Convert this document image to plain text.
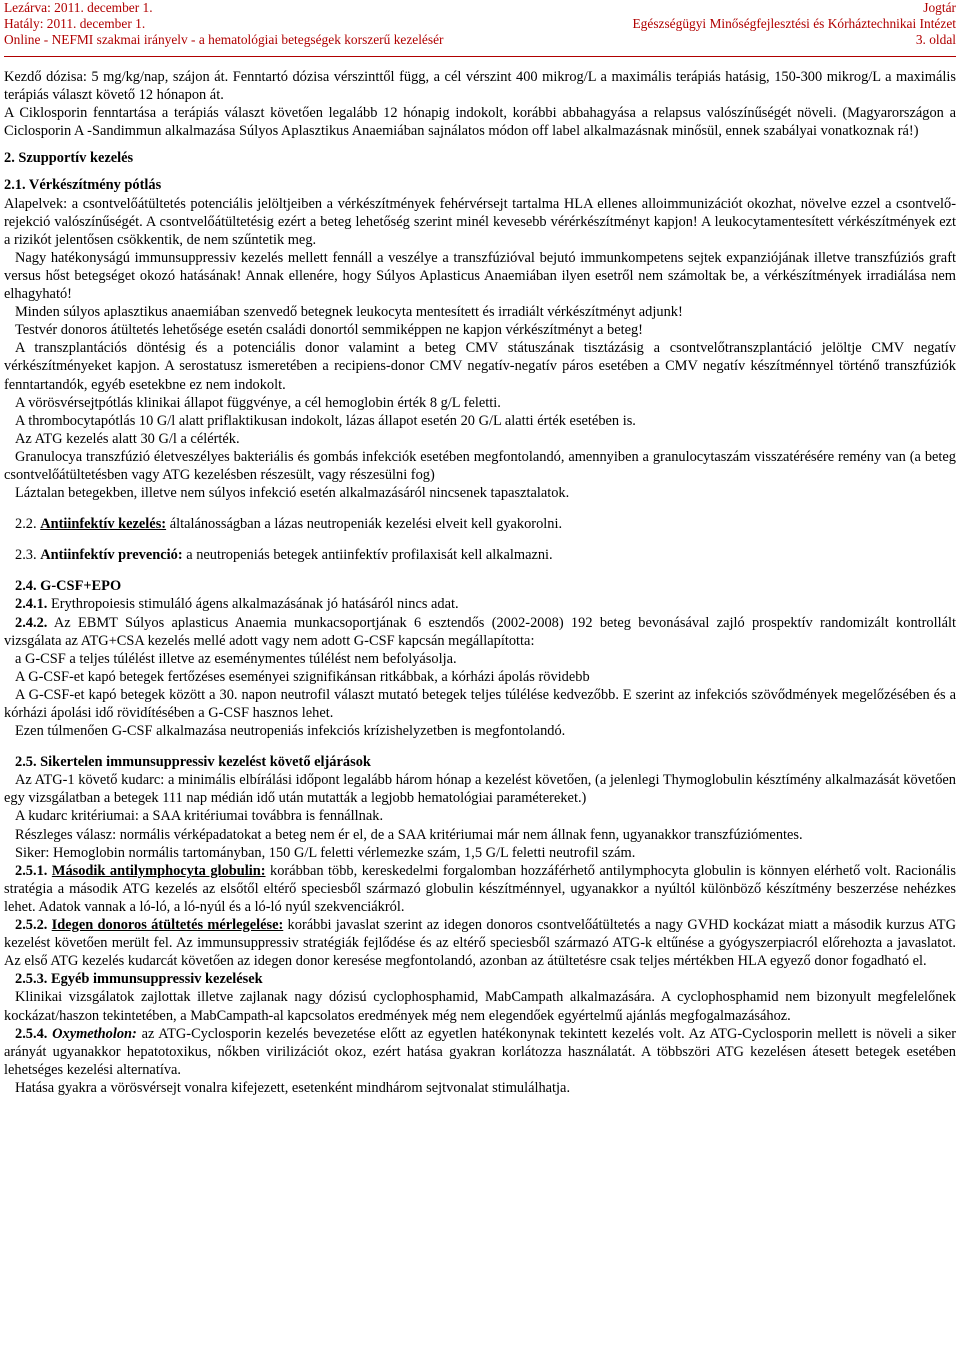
Lezárva: 2011. december 1.
Hatály: 2011. december 1.
Online - NEFMI szakmai irányelv - a hematológiai betegségek korszerű kezelésér
Jogtár
Egészségügyi Minőségfejlesztési és Kórháztechnikai Intézet
3. oldal

Kezdő dózisa: 5 mg/kg/nap, szájon át. Fenntartó dózisa vérszinttől függ, a cél vérszint 400 mikrog/L a maximális terápiás hatásig, 150-300 mikrog/L a maximális terápiás választ követő 12 hónapon át.

A Ciklosporin fenntartása a terápiás választ követően legalább 12 hónapig indokolt, korábbi abbahagyása a relapsus valószínűségét növeli. (Magyarországon a Ciclosporin A -Sandimmun alkalmazása Súlyos Aplasztikus Anaemiában sajnálatos módon off label alkalmazásnak minősül, ennek szabályai vonatkoznak rá!)

2. Szupportív kezelés

2.1. Vérkészítmény pótlás

Alapelvek: a csontvelőátültetés potenciális jelöltjeiben a vérkészítmények fehérvérsejt tartalma HLA ellenes alloimmunizációt okozhat, növelve ezzel a csontvelő-rejekció valószínűségét. A csontvelőátültetésig ezért a beteg lehetőség szerint minél kevesebb vérérkészítményt kapjon! A leukocytamentesített vérkészítmények ezt a rizikót jelentősen csökkentik, de nem szűntetik meg.

Nagy hatékonyságú immunsuppressiv kezelés mellett fennáll a veszélye a transzfúzióval bejutó immunkompetens sejtek expanziójának illetve transzfúziós graft versus hőst betegséget okozó hatásának! Annak ellenére, hogy Súlyos Aplasticus Anaemiában ilyen esetről nem számoltak be, a vérkészítmények irradiálása nem elhagyható!

Minden súlyos aplasztikus anaemiában szenvedő betegnek leukocyta mentesített és irradiált vérkészítményt adjunk!

Testvér donoros átültetés lehetősége esetén családi donortól semmiképpen ne kapjon vérkészítményt a beteg!

A transzplantációs döntésig és a potenciális donor valamint a beteg CMV státuszának tisztázásig a csontvelőtranszplantáció jelöltje CMV negatív vérkészítményeket kapjon. A serostatusz ismeretében a recipiens-donor CMV negatív-negatív páros esetében a CMV negatív készítménnyel történő transzfúziók fenntartandók, egyéb esetekbne ez nem indokolt.

A vörösvérsejtpótlás klinikai állapot függvénye, a cél hemoglobin érték 8 g/L feletti.

A thrombocytapótlás 10 G/l alatt priflaktikusan indokolt, lázas állapot esetén 20 G/L alatti érték esetében is.

Az ATG kezelés alatt 30 G/l a célérték.

Granulocya transzfúzió életveszélyes bakteriális és gombás infekciók esetében megfontolandó, amennyiben a granulocytaszám visszatérésére remény van (a beteg csontvelőátültetésben vagy ATG kezelésben részesült, vagy részesülni fog)

Láztalan betegekben, illetve nem súlyos infekció esetén alkalmazásáról nincsenek tapasztalatok.

2.2. Antiinfektív kezelés: általánosságban a lázas neutropeniák kezelési elveit kell gyakorolni.

2.3. Antiinfektív prevenció: a neutropeniás betegek antiinfektív profilaxisát kell alkalmazni.

2.4. G-CSF+EPO

2.4.1. Erythropoiesis stimuláló ágens alkalmazásának jó hatásáról nincs adat.

2.4.2. Az EBMT Súlyos aplasticus Anaemia munkacsoportjának 6 esztendős (2002-2008) 192 beteg bevonásával zajló prospektív randomizált kontrollált vizsgálata az ATG+CSA kezelés mellé adott vagy nem adott G-CSF kapcsán megállapította:

a G-CSF a teljes túlélést illetve az eseménymentes túlélést nem befolyásolja.

A G-CSF-et kapó betegek fertőzéses eseményei szignifikánsan ritkábbak, a kórházi ápolás rövidebb

A G-CSF-et kapó betegek között a 30. napon neutrofil választ mutató betegek teljes túlélése kedvezőbb. E szerint az infekciós szövődmények megelőzésében és a kórházi ápolási idő rövidítésében a G-CSF hasznos lehet.

Ezen túlmenően G-CSF alkalmazása neutropeniás infekciós krízishelyzetben is megfontolandó.

2.5. Sikertelen immunsuppressiv kezelést követő eljárások

Az ATG-1 követő kudarc: a minimális elbírálási időpont legalább három hónap a kezelést követően, (a jelenlegi Thymoglobulin késztímény alkalmazását követően egy vizsgálatban a betegek 111 nap médián idő után mutatták a legjobb hematológiai paramétereket.)

A kudarc kritériumai: a SAA kritériumai továbbra is fennállnak.

Részleges válasz: normális vérképadatokat a beteg nem ér el, de a SAA kritériumai már nem állnak fenn, ugyanakkor transzfúziómentes.

Siker: Hemoglobin normális tartományban, 150 G/L feletti vérlemezke szám, 1,5 G/L feletti neutrofil szám.

2.5.1. Második antilymphocyta globulin: korábban több, kereskedelmi forgalomban hozzáférhető antilymphocyta globulin is könnyen elérhető volt. Racionális stratégia a második ATG kezelés az elsőtől eltérő speciesből származó globulin készítménnyel, ugyanakkor a nyúltól különböző készítmény beszerzése nehézkes lehet. Adatok vannak a ló-ló, a ló-nyúl és a ló-ló nyúl szekvenciákról.

2.5.2. Idegen donoros átültetés mérlegelése: korábbi javaslat szerint az idegen donoros csontvelőátültetés a nagy GVHD kockázat miatt a második kurzus ATG kezelést követően merült fel. Az immunsuppressiv stratégiák fejlődése és az eltérő speciesből származó ATG-k eltűnése a gyógyszerpiacról előrehozta a javaslatot. Az első ATG kezelés kudarcát követően az idegen donor keresése megfontolandó, azonban az átültetésre csak teljes mértékben HLA egyező donor fogadható el.

2.5.3. Egyéb immunsuppressiv kezelések

Klinikai vizsgálatok zajlottak illetve zajlanak nagy dózisú cyclophosphamid, MabCampath alkalmazására. A cyclophosphamid nem bizonyult megfelelőnek kockázat/haszon tekintetében, a MabCampath-al kapcsolatos eredmények még nem elegendőek egyértelmű ajánlás megfogalmazásához.

2.5.4. Oxymetholon: az ATG-Cyclosporin kezelés bevezetése előtt az egyetlen hatékonynak tekintett kezelés volt. Az ATG-Cyclosporin mellett is növeli a siker arányát ugyanakkor hepatotoxikus, nőkben virilizációt okoz, ezért hatása gyakran korlátozza használatát. A többszöri ATG kezelésen átesett betegek esetében lehetséges kezelési alternatíva.

Hatása gyakra a vörösvérsejt vonalra kifejezett, esetenként mindhárom sejtvonalat stimulálhatja.
